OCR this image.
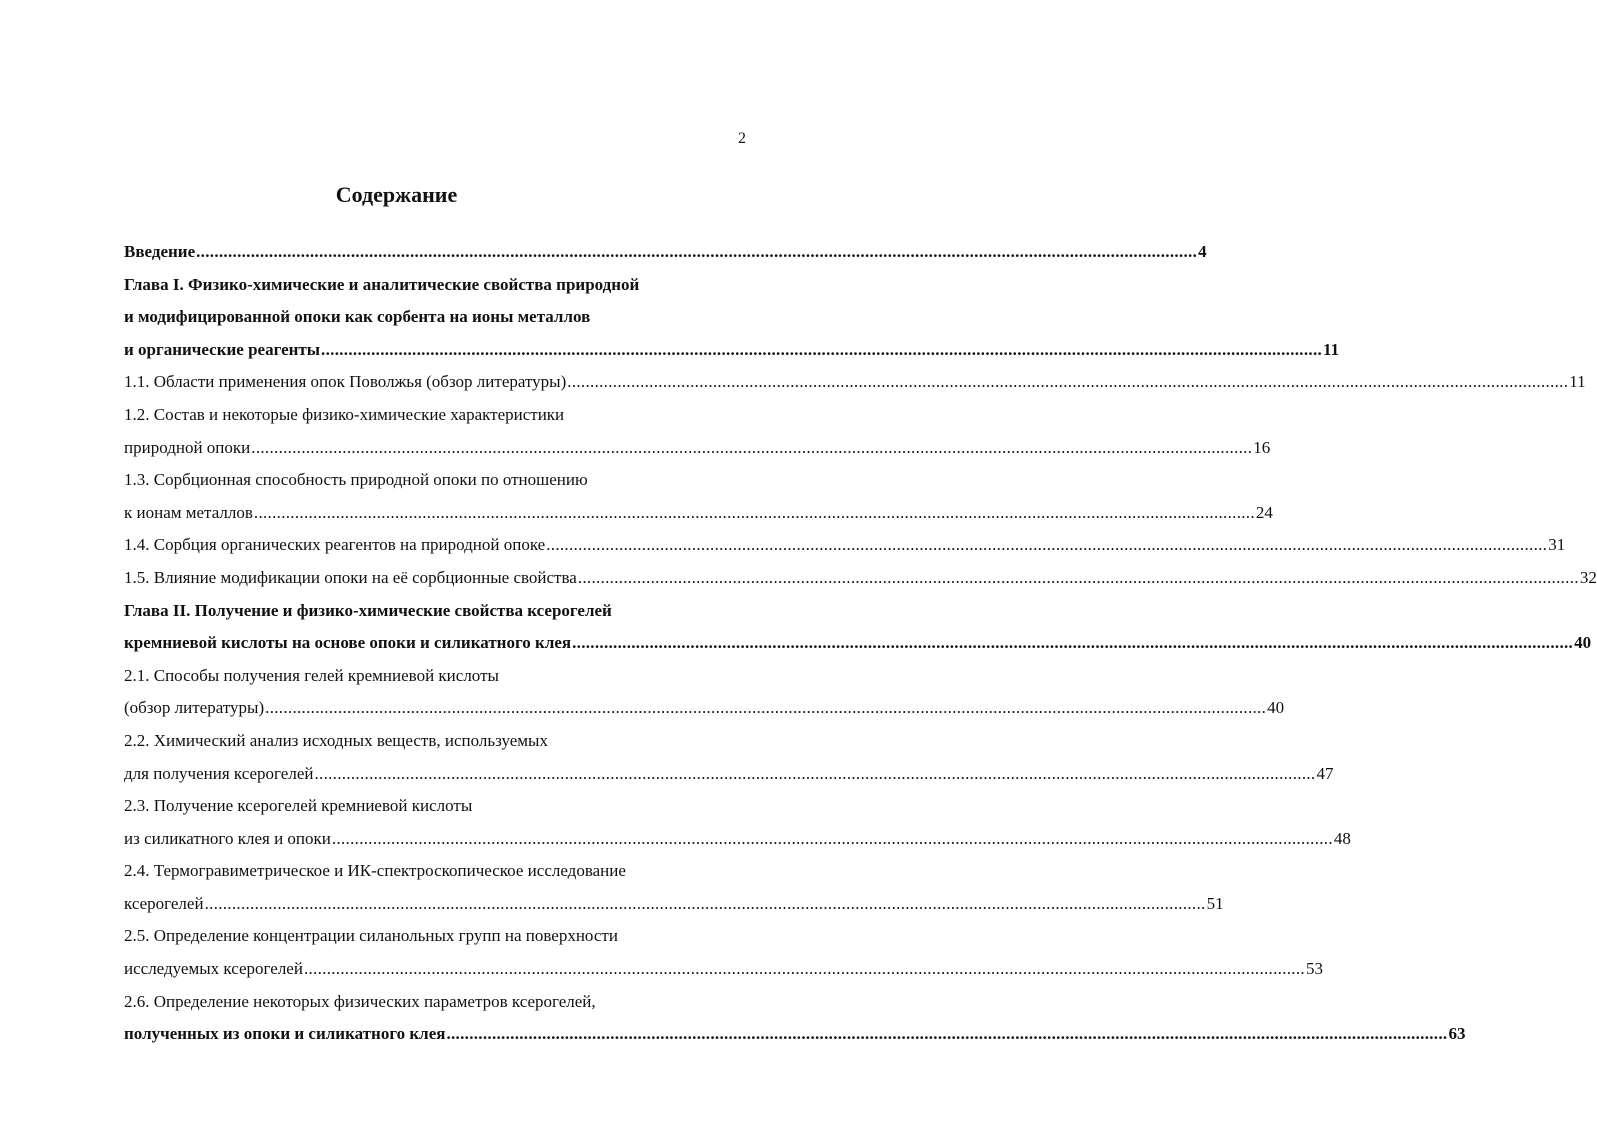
2
Содержание
Введение ............................................................................................................................................................................................................................ 4
Глава I. Физико-химические и аналитические свойства природной
и модифицированной опоки как сорбента на ионы металлов
и органические реагенты ............................................................................................................................................................................................................................ 11
1.1. Области применения опок Поволжья (обзор литературы) ............................................................................................................................................................................................................................ 11
1.2. Состав и некоторые физико-химические характеристики
природной опоки ............................................................................................................................................................................................................................ 16
1.3. Сорбционная способность природной опоки по отношению
к ионам металлов ............................................................................................................................................................................................................................ 24
1.4. Сорбция органических реагентов на природной опоке ............................................................................................................................................................................................................................ 31
1.5. Влияние модификации опоки на её сорбционные свойства ............................................................................................................................................................................................................................ 32
Глава II. Получение и физико-химические свойства ксерогелей
кремниевой кислоты на основе опоки и силикатного клея ............................................................................................................................................................................................................................ 40
2.1. Способы получения гелей кремниевой кислоты
(обзор литературы) ............................................................................................................................................................................................................................ 40
2.2. Химический анализ исходных веществ, используемых
для получения ксерогелей ............................................................................................................................................................................................................................ 47
2.3. Получение ксерогелей кремниевой кислоты
из силикатного клея и опоки ............................................................................................................................................................................................................................ 48
2.4. Термогравиметрическое и ИК-спектроскопическое исследование
ксерогелей ............................................................................................................................................................................................................................ 51
2.5. Определение концентрации силанольных групп на поверхности
исследуемых ксерогелей ............................................................................................................................................................................................................................ 53
2.6. Определение некоторых физических параметров ксерогелей,
полученных из опоки и силикатного клея ............................................................................................................................................................................................................................ 63
